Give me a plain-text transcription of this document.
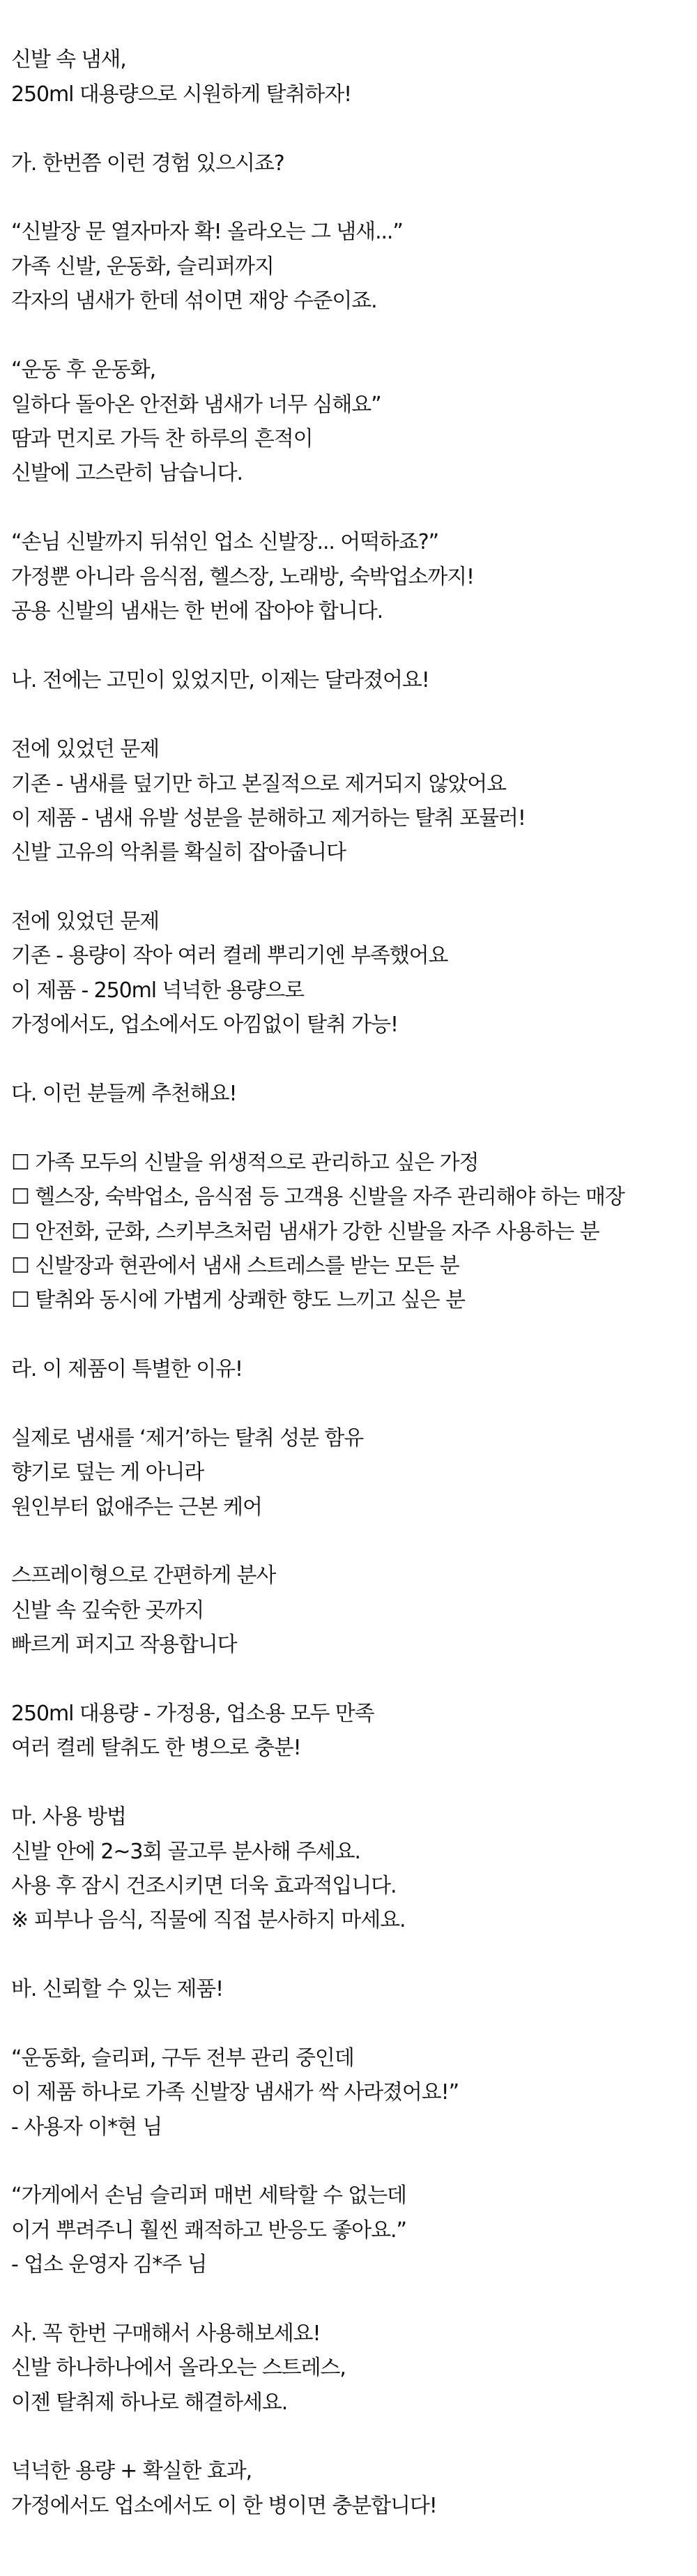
신발 속 냄새,
250ml 대용량으로 시원하게 탈취하자!
가. 한번쯤 이런 경험 있으시죠?
“신발장 문 열자마자 확! 올라오는 그 냄새...”
가족 신발, 운동화, 슬리퍼까지
각자의 냄새가 한데 섞이면 재앙 수준이죠.
“운동 후 운동화,
일하다 돌아온 안전화 냄새가 너무 심해요”
땀과 먼지로 가득 찬 하루의 흔적이
신발에 고스란히 남습니다.
“손님 신발까지 뒤섞인 업소 신발장... 어떡하죠?”
가정뿐 아니라 음식점, 헬스장, 노래방, 숙박업소까지!
공용 신발의 냄새는 한 번에 잡아야 합니다.
나. 전에는 고민이 있었지만, 이제는 달라졌어요!
전에 있었던 문제
기존 - 냄새를 덮기만 하고 본질적으로 제거되지 않았어요
이 제품 - 냄새 유발 성분을 분해하고 제거하는 탈취 포뮬러!
신발 고유의 악취를 확실히 잡아줍니다
전에 있었던 문제
기존 - 용량이 작아 여러 켤레 뿌리기엔 부족했어요
이 제품 - 250ml 넉넉한 용량으로
가정에서도, 업소에서도 아낌없이 탈취 가능!
다. 이런 분들께 추천해요!
☐ 가족 모두의 신발을 위생적으로 관리하고 싶은 가정
☐ 헬스장, 숙박업소, 음식점 등 고객용 신발을 자주 관리해야 하는 매장
☐ 안전화, 군화, 스키부츠처럼 냄새가 강한 신발을 자주 사용하는 분
☐ 신발장과 현관에서 냄새 스트레스를 받는 모든 분
☐ 탈취와 동시에 가볍게 상쾌한 향도 느끼고 싶은 분
라. 이 제품이 특별한 이유!
실제로 냄새를 ‘제거’하는 탈취 성분 함유
향기로 덮는 게 아니라
원인부터 없애주는 근본 케어
스프레이형으로 간편하게 분사
신발 속 깊숙한 곳까지
빠르게 퍼지고 작용합니다
250ml 대용량 - 가정용, 업소용 모두 만족
여러 켤레 탈취도 한 병으로 충분!
마. 사용 방법
신발 안에 2~3회 골고루 분사해 주세요.
사용 후 잠시 건조시키면 더욱 효과적입니다.
※ 피부나 음식, 직물에 직접 분사하지 마세요.
바. 신뢰할 수 있는 제품!
“운동화, 슬리퍼, 구두 전부 관리 중인데
이 제품 하나로 가족 신발장 냄새가 싹 사라졌어요!”
- 사용자 이*현 님
“가게에서 손님 슬리퍼 매번 세탁할 수 없는데
이거 뿌려주니 훨씬 쾌적하고 반응도 좋아요.”
- 업소 운영자 김*주 님
사. 꼭 한번 구매해서 사용해보세요!
신발 하나하나에서 올라오는 스트레스,
이젠 탈취제 하나로 해결하세요.
넉넉한 용량 + 확실한 효과,
가정에서도 업소에서도 이 한 병이면 충분합니다!
